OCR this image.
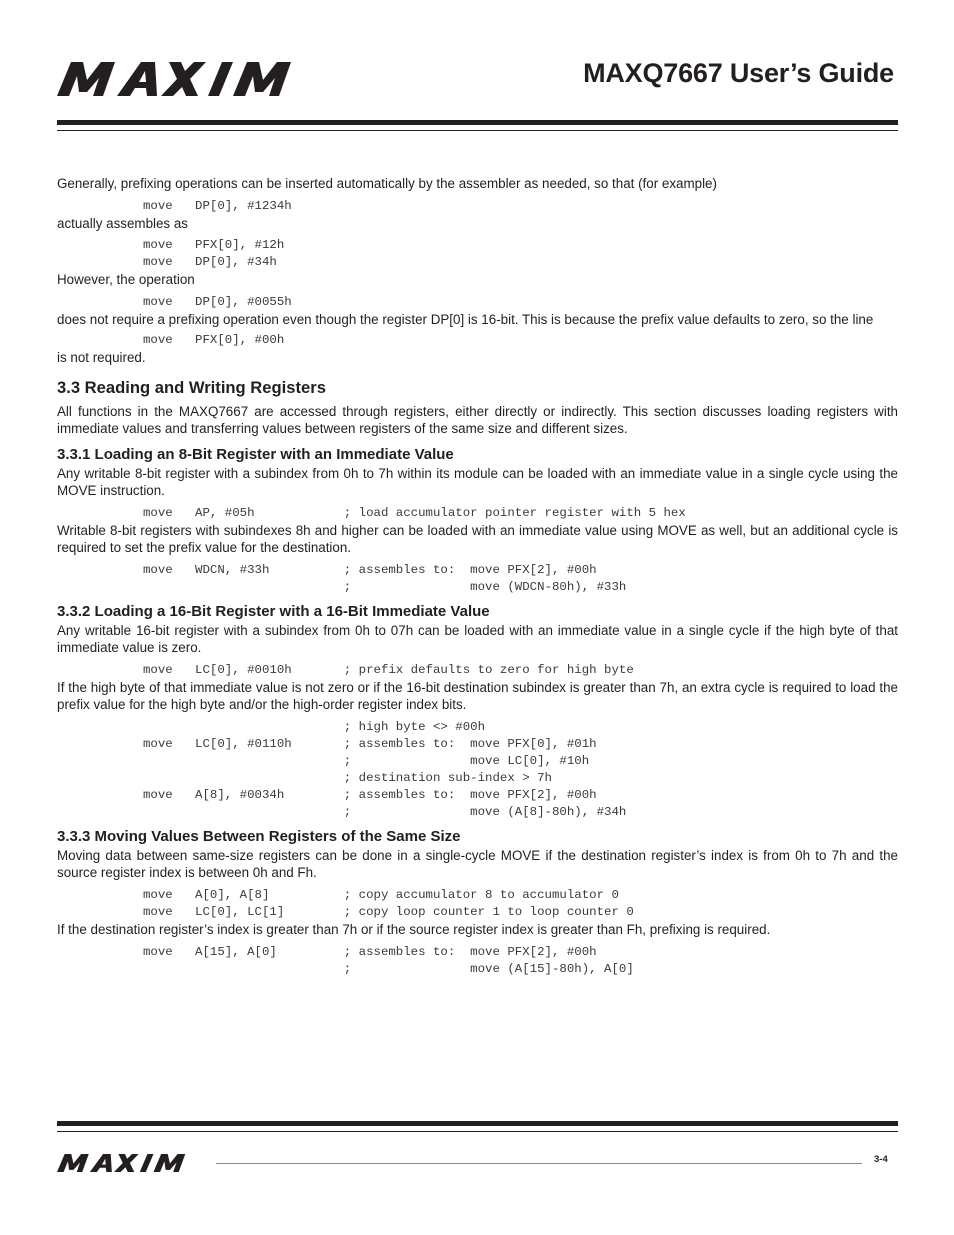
MAXQ7667 User’s Guide

Generally, prefixing operations can be inserted automatically by the assembler as needed, so that (for example)

move   DP[0], #1234h

actually assembles as

move   PFX[0], #12h
move   DP[0], #34h

However, the operation

move   DP[0], #0055h

does not require a prefixing operation even though the register DP[0] is 16-bit. This is because the prefix value defaults to zero, so the line

move   PFX[0], #00h

is not required.

3.3 Reading and Writing Registers

All functions in the MAXQ7667 are accessed through registers, either directly or indirectly. This section discusses loading registers with immediate values and transferring values between registers of the same size and different sizes.

3.3.1 Loading an 8-Bit Register with an Immediate Value

Any writable 8-bit register with a subindex from 0h to 7h within its module can be loaded with an immediate value in a single cycle using the MOVE instruction.

move   AP, #05h            ; load accumulator pointer register with 5 hex

Writable 8-bit registers with subindexes 8h and higher can be loaded with an immediate value using MOVE as well, but an additional cycle is required to set the prefix value for the destination.

move   WDCN, #33h          ; assembles to:  move PFX[2], #00h
;                move (WDCN-80h), #33h
3.3.2 Loading a 16-Bit Register with a 16-Bit Immediate Value

Any writable 16-bit register with a subindex from 0h to 07h can be loaded with an immediate value in a single cycle if the high byte of that immediate value is zero.

move   LC[0], #0010h       ; prefix defaults to zero for high byte

If the high byte of that immediate value is not zero or if the 16-bit destination subindex is greater than 7h, an extra cycle is required to load the prefix value for the high byte and/or the high-order register index bits.

; high byte <> #00h
move   LC[0], #0110h       ; assembles to:  move PFX[0], #01h
;                move LC[0], #10h
; destination sub-index > 7h
move   A[8], #0034h        ; assembles to:  move PFX[2], #00h
;                move (A[8]-80h), #34h
3.3.3 Moving Values Between Registers of the Same Size

Moving data between same-size registers can be done in a single-cycle MOVE if the destination register’s index is from 0h to 7h and the source register index is between 0h and Fh.

move   A[0], A[8]          ; copy accumulator 8 to accumulator 0
move   LC[0], LC[1]        ; copy loop counter 1 to loop counter 0

If the destination register’s index is greater than 7h or if the source register index is greater than Fh, prefixing is required.

move   A[15], A[0]         ; assembles to:  move PFX[2], #00h
;                move (A[15]-80h), A[0]
3-4
